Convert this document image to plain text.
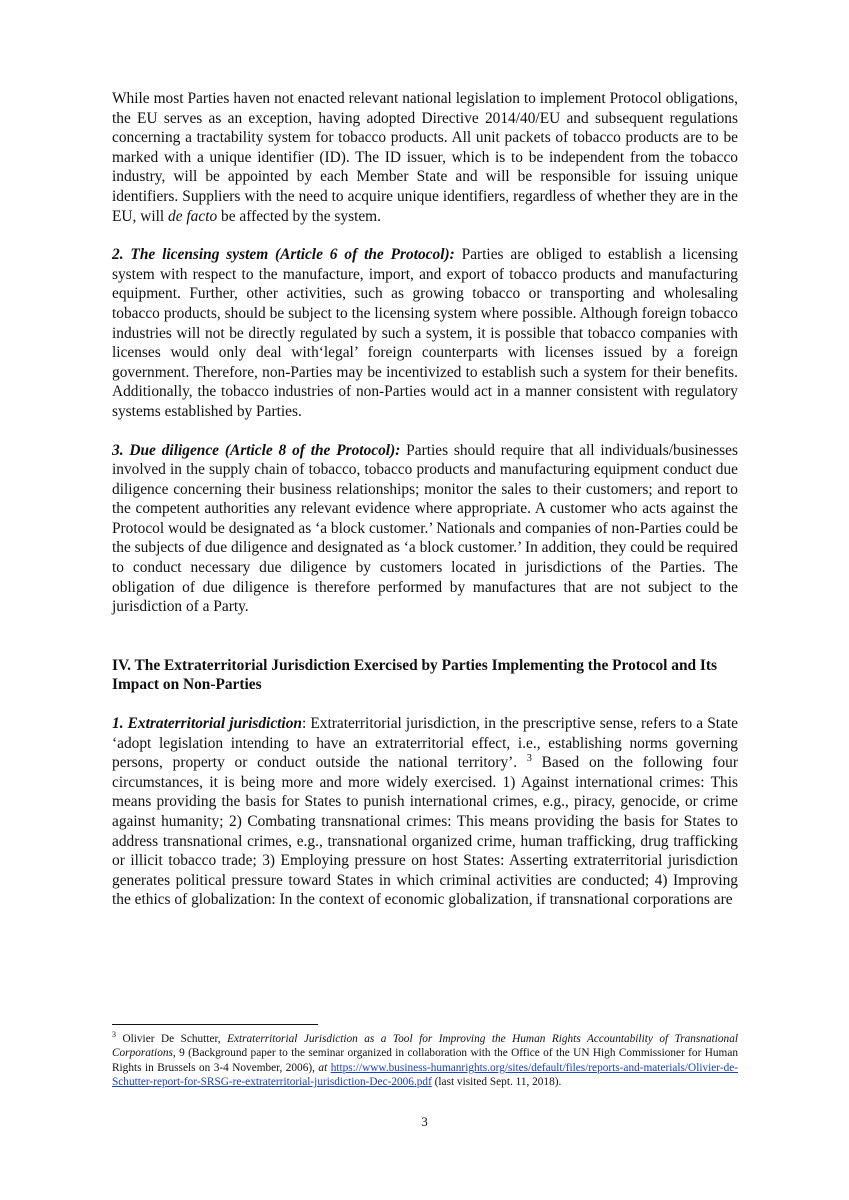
While most Parties haven not enacted relevant national legislation to implement Protocol obligations, the EU serves as an exception, having adopted Directive 2014/40/EU and subsequent regulations concerning a tractability system for tobacco products. All unit packets of tobacco products are to be marked with a unique identifier (ID). The ID issuer, which is to be independent from the tobacco industry, will be appointed by each Member State and will be responsible for issuing unique identifiers. Suppliers with the need to acquire unique identifiers, regardless of whether they are in the EU, will de facto be affected by the system.

2. The licensing system (Article 6 of the Protocol): Parties are obliged to establish a licensing system with respect to the manufacture, import, and export of tobacco products and manufacturing equipment. Further, other activities, such as growing tobacco or transporting and wholesaling tobacco products, should be subject to the licensing system where possible. Although foreign tobacco industries will not be directly regulated by such a system, it is possible that tobacco companies with licenses would only deal with‘legal’ foreign counterparts with licenses issued by a foreign government. Therefore, non-Parties may be incentivized to establish such a system for their benefits. Additionally, the tobacco industries of non-Parties would act in a manner consistent with regulatory systems established by Parties.

3. Due diligence (Article 8 of the Protocol): Parties should require that all individuals/businesses involved in the supply chain of tobacco, tobacco products and manufacturing equipment conduct due diligence concerning their business relationships; monitor the sales to their customers; and report to the competent authorities any relevant evidence where appropriate. A customer who acts against the Protocol would be designated as ‘a block customer.’ Nationals and companies of non-Parties could be the subjects of due diligence and designated as ‘a block customer.’ In addition, they could be required to conduct necessary due diligence by customers located in jurisdictions of the Parties. The obligation of due diligence is therefore performed by manufactures that are not subject to the jurisdiction of a Party.

IV. The Extraterritorial Jurisdiction Exercised by Parties Implementing the Protocol and Its Impact on Non-Parties

1. Extraterritorial jurisdiction: Extraterritorial jurisdiction, in the prescriptive sense, refers to a State ‘adopt legislation intending to have an extraterritorial effect, i.e., establishing norms governing persons, property or conduct outside the national territory’. $^3$ Based on the following four circumstances, it is being more and more widely exercised. 1) Against international crimes: This means providing the basis for States to punish international crimes, e.g., piracy, genocide, or crime against humanity; 2) Combating transnational crimes: This means providing the basis for States to address transnational crimes, e.g., transnational organized crime, human trafficking, drug trafficking or illicit tobacco trade; 3) Employing pressure on host States: Asserting extraterritorial jurisdiction generates political pressure toward States in which criminal activities are conducted; 4) Improving the ethics of globalization: In the context of economic globalization, if transnational corporations are

$^3$ Olivier De Schutter, Extraterritorial Jurisdiction as a Tool for Improving the Human Rights Accountability of Transnational Corporations, 9 (Background paper to the seminar organized in collaboration with the Office of the UN High Commissioner for Human Rights in Brussels on 3-4 November, 2006), at https://www.business-humanrights.org/sites/default/files/reports-and-materials/Olivier-de-Schutter-report-for-SRSG-re-extraterritorial-jurisdiction-Dec-2006.pdf (last visited Sept. 11, 2018).
3
